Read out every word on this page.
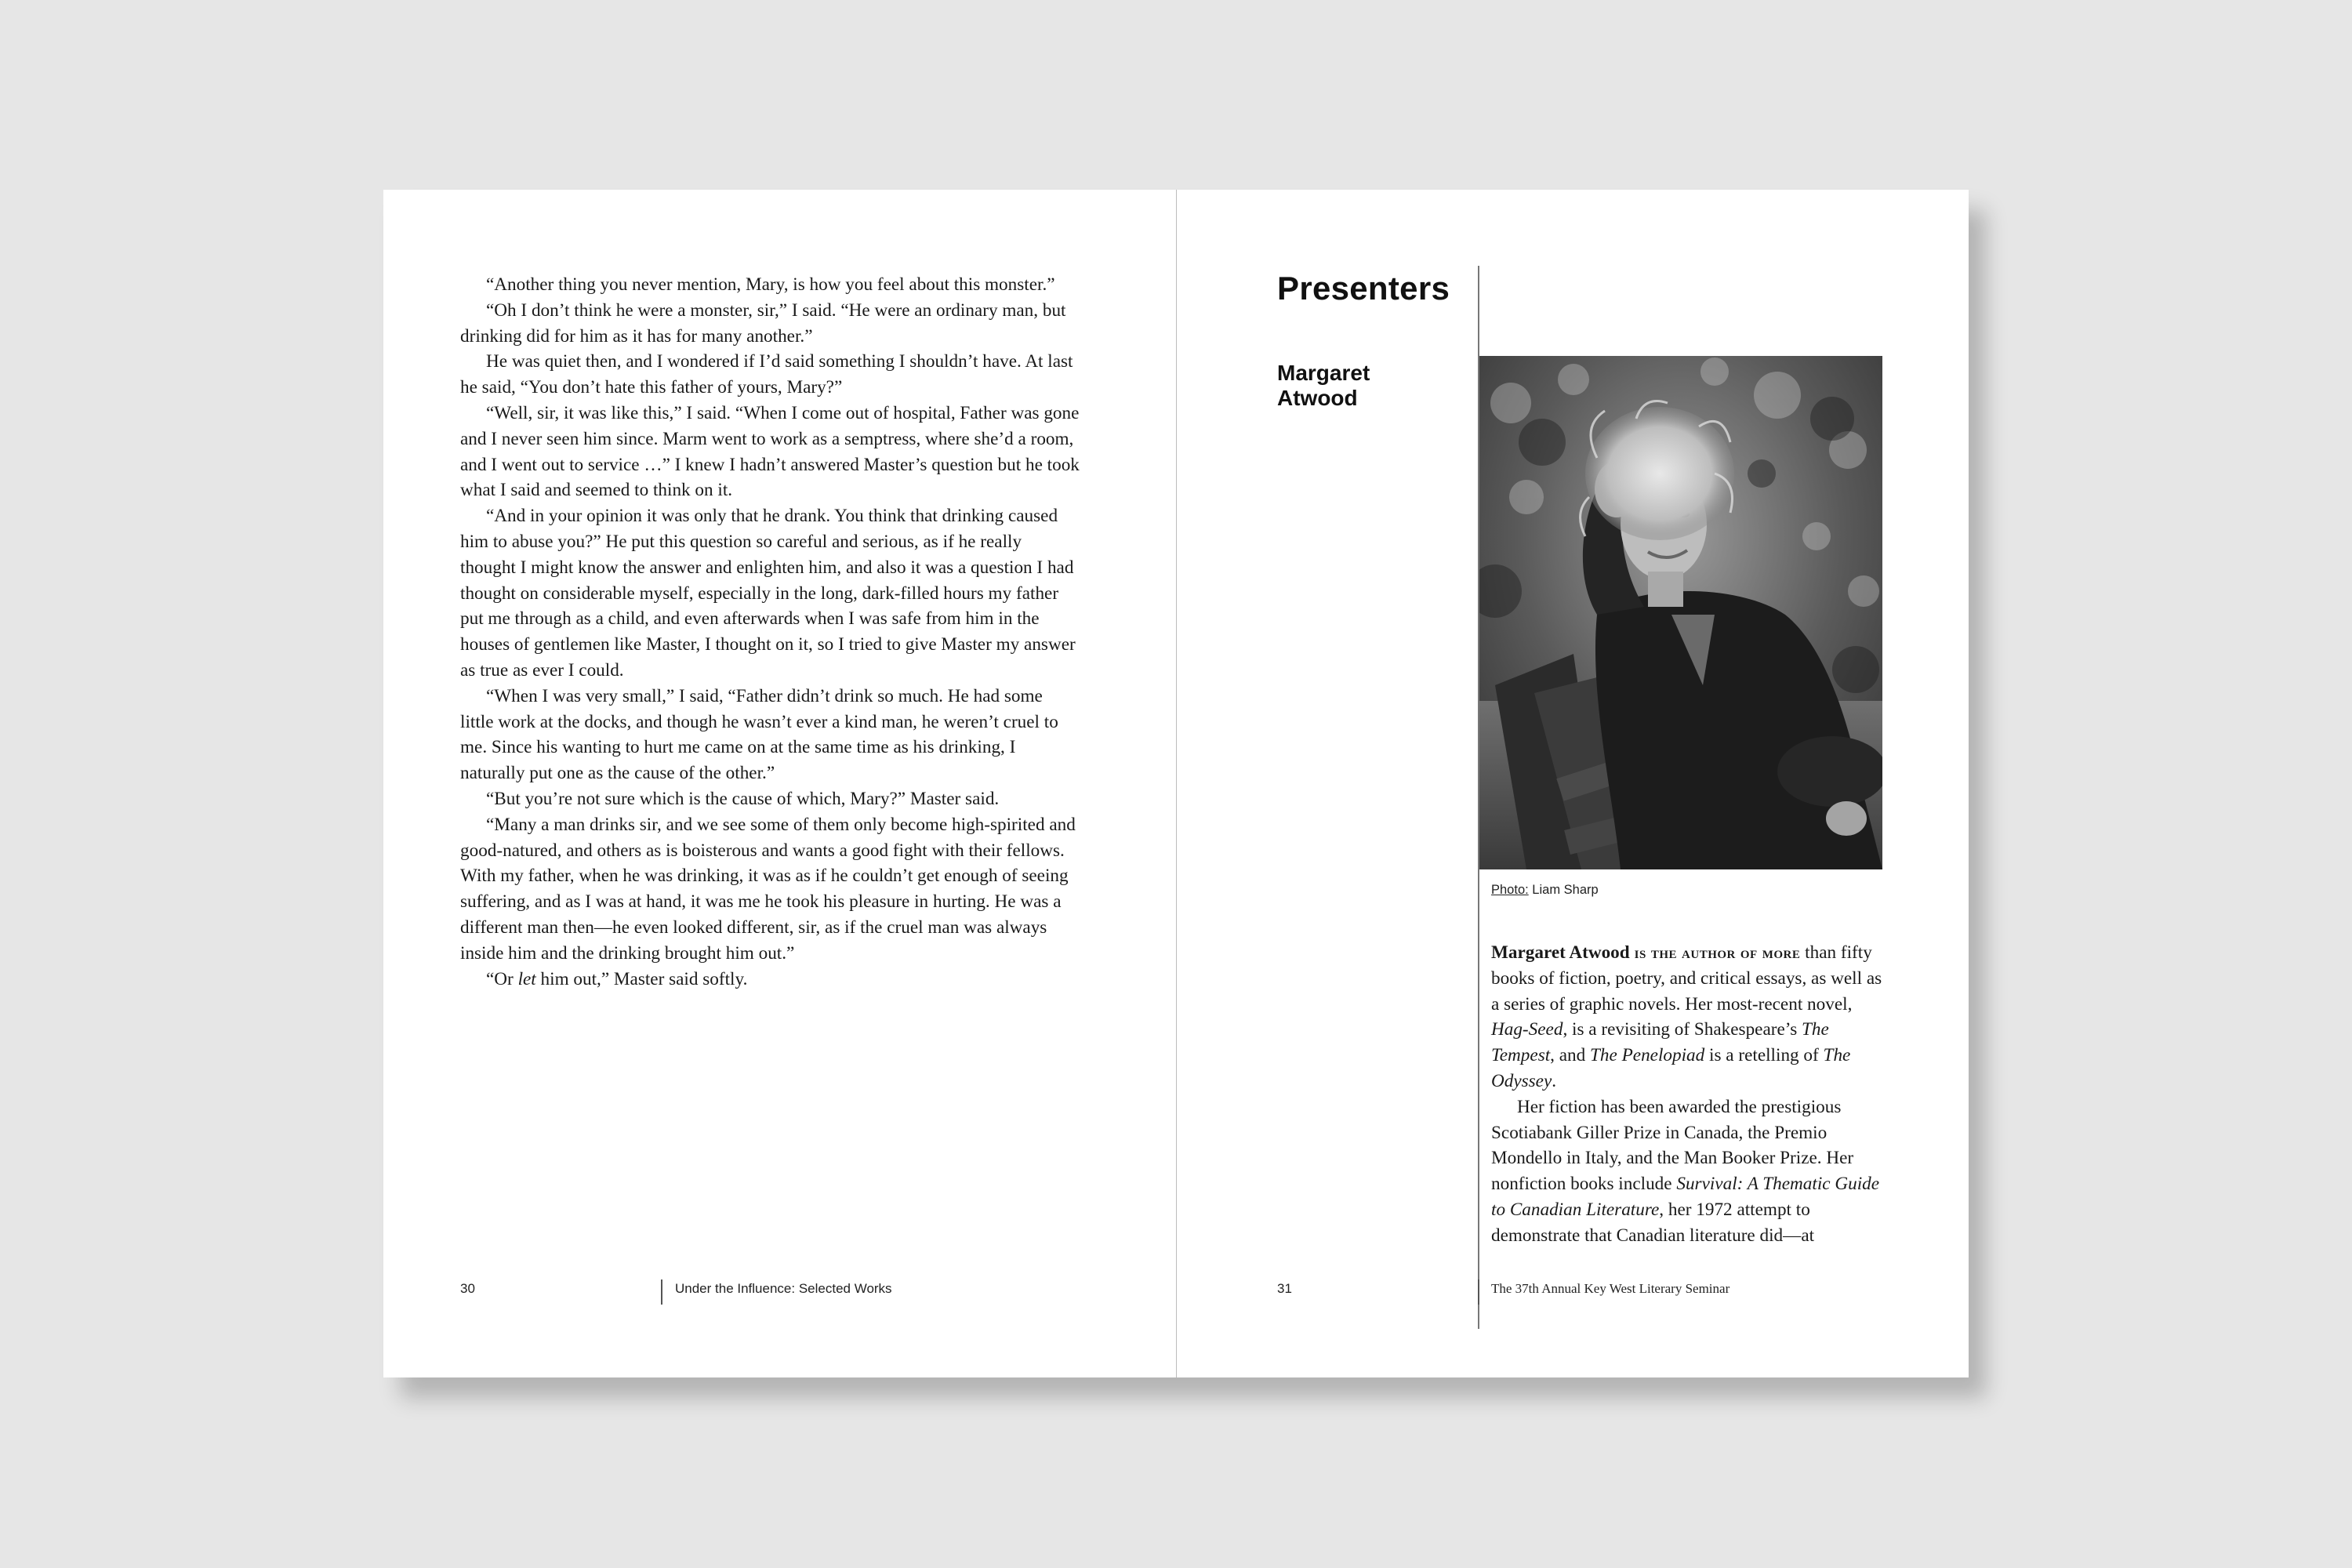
“Another thing you never mention, Mary, is how you feel about this monster.”

“Oh I don’t think he were a monster, sir,” I said. “He were an ordinary man, but drinking did for him as it has for many another.”

He was quiet then, and I wondered if I’d said something I shouldn’t have. At last he said, “You don’t hate this father of yours, Mary?”

“Well, sir, it was like this,” I said. “When I come out of hospital, Father was gone and I never seen him since. Marm went to work as a semptress, where she’d a room, and I went out to service …” I knew I hadn’t answered Master’s question but he took what I said and seemed to think on it.

“And in your opinion it was only that he drank. You think that drinking caused him to abuse you?” He put this question so careful and serious, as if he really thought I might know the answer and enlighten him, and also it was a question I had thought on considerable myself, especially in the long, dark-filled hours my father put me through as a child, and even afterwards when I was safe from him in the houses of gentlemen like Master, I thought on it, so I tried to give Master my answer as true as ever I could.

“When I was very small,” I said, “Father didn’t drink so much. He had some little work at the docks, and though he wasn’t ever a kind man, he weren’t cruel to me. Since his wanting to hurt me came on at the same time as his drinking, I naturally put one as the cause of the other.”

“But you’re not sure which is the cause of which, Mary?” Master said.

“Many a man drinks sir, and we see some of them only become high-spirited and good-natured, and others as is boisterous and wants a good fight with their fellows. With my father, when he was drinking, it was as if he couldn’t get enough of seeing suffering, and as I was at hand, it was me he took his pleasure in hurting. He was a different man then—he even looked different, sir, as if the cruel man was always inside him and the drinking brought him out.”

“Or let him out,” Master said softly.

30	Under the Influence: Selected Works
Presenters
Margaret Atwood
Photo: Liam Sharp

Margaret Atwood is the author of more than fifty books of fiction, poetry, and critical essays, as well as a series of graphic novels. Her most-recent novel, Hag-Seed, is a revisiting of Shakespeare’s The Tempest, and The Penelopiad is a retelling of The Odyssey.

Her fiction has been awarded the prestigious Scotiabank Giller Prize in Canada, the Premio Mondello in Italy, and the Man Booker Prize. Her nonfiction books include Survival: A Thematic Guide to Canadian Literature, her 1972 attempt to demonstrate that Canadian literature did—at

31	The 37th Annual Key West Literary Seminar
